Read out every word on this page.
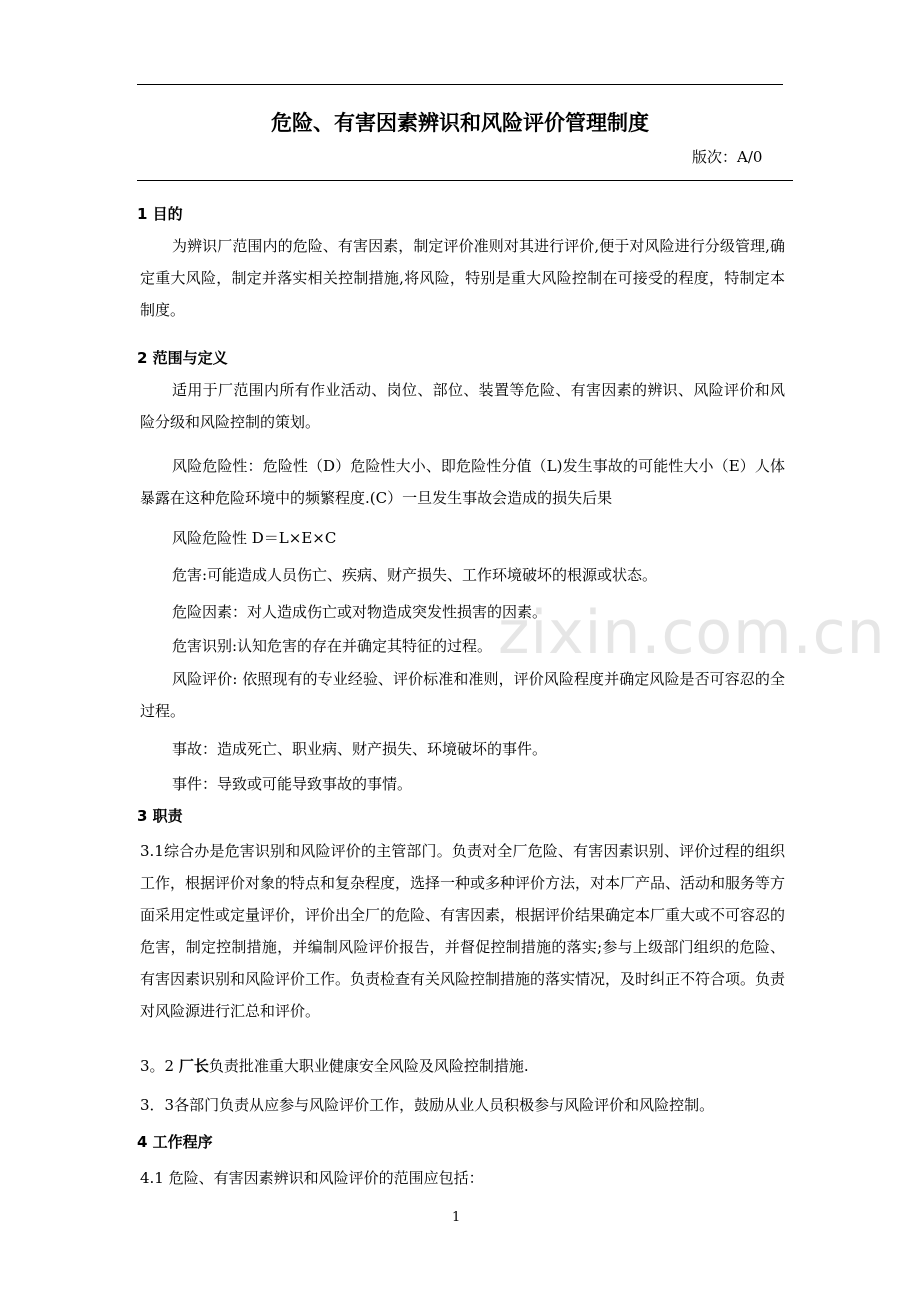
zixin.com.cn
危险、有害因素辨识和风险评价管理制度
版次：A/0
1 目的
为辨识厂范围内的危险、有害因素，制定评价准则对其进行评价,便于对风险进行分级管理,确定重大风险，制定并落实相关控制措施,将风险，特别是重大风险控制在可接受的程度，特制定本制度。
2 范围与定义
适用于厂范围内所有作业活动、岗位、部位、装置等危险、有害因素的辨识、风险评价和风险分级和风险控制的策划。
风险危险性：危险性（D）危险性大小、即危险性分值（L)发生事故的可能性大小（E）人体暴露在这种危险环境中的频繁程度.(C）一旦发生事故会造成的损失后果
风险危险性 D＝L×E×C
危害:可能造成人员伤亡、疾病、财产损失、工作环境破坏的根源或状态。
危险因素：对人造成伤亡或对物造成突发性损害的因素。
危害识别:认知危害的存在并确定其特征的过程。
风险评价: 依照现有的专业经验、评价标准和准则，评价风险程度并确定风险是否可容忍的全过程。
事故：造成死亡、职业病、财产损失、环境破坏的事件。
事件：导致或可能导致事故的事情。
3 职责
3.1综合办是危害识别和风险评价的主管部门。负责对全厂危险、有害因素识别、评价过程的组织工作，根据评价对象的特点和复杂程度，选择一种或多种评价方法，对本厂产品、活动和服务等方面采用定性或定量评价，评价出全厂的危险、有害因素，根据评价结果确定本厂重大或不可容忍的危害，制定控制措施，并编制风险评价报告，并督促控制措施的落实;参与上级部门组织的危险、有害因素识别和风险评价工作。负责检查有关风险控制措施的落实情况，及时纠正不符合项。负责对风险源进行汇总和评价。
3。2 厂长负责批准重大职业健康安全风险及风险控制措施.
3．3各部门负责从应参与风险评价工作，鼓励从业人员积极参与风险评价和风险控制。
4 工作程序
4.1 危险、有害因素辨识和风险评价的范围应包括：
1
